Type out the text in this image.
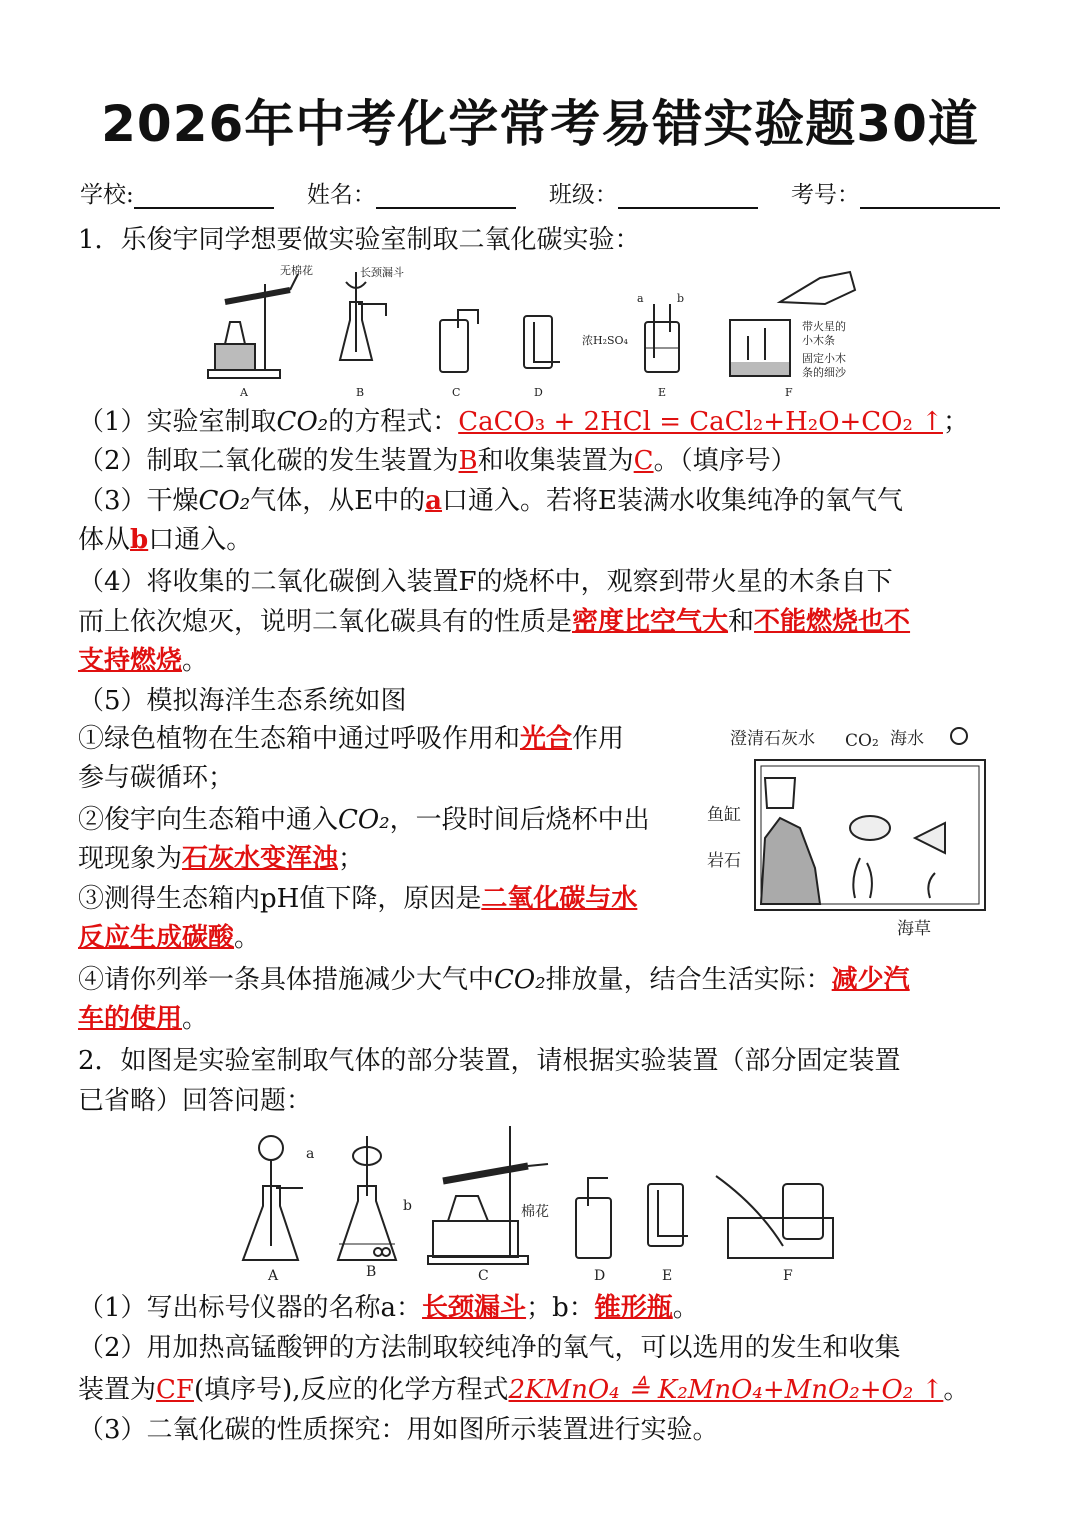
2026年中考化学常考易错实验题30道
学校:	姓名：	班级：	考号：
1．乐俊宇同学想要做实验室制取二氧化碳实验：
无棉花	长颈漏斗
a	b
浓H₂SO₄
带火星的
小木条
固定小木
条的细沙
A	B	C	D	E	F
（1）实验室制取CO₂的方程式：CaCO₃ + 2HCl = CaCl₂+H₂O+CO₂ ↑；
（2）制取二氧化碳的发生装置为B和收集装置为C。（填序号）
（3）干燥CO₂气体，从E中的a口通入。若将E装满水收集纯净的氧气气
体从b口通入。
（4）将收集的二氧化碳倒入装置F的烧杯中，观察到带火星的木条自下
而上依次熄灭，说明二氧化碳具有的性质是密度比空气大和不能燃烧也不
支持燃烧。
（5）模拟海洋生态系统如图
①绿色植物在生态箱中通过呼吸作用和光合作用
参与碳循环；
②俊宇向生态箱中通入CO₂，一段时间后烧杯中出
现现象为石灰水变浑浊；
③测得生态箱内pH值下降，原因是二氧化碳与水
反应生成碳酸。
④请你列举一条具体措施减少大气中CO₂排放量，结合生活实际：减少汽
车的使用。
澄清石灰水 CO₂ 海水
鱼缸
岩石
海草
2．如图是实验室制取气体的部分装置，请根据实验装置（部分固定装置
已省略）回答问题：
a
b	棉花
A	B	C	D	E	F
（1）写出标号仪器的名称a：长颈漏斗；b：锥形瓶。
（2）用加热高锰酸钾的方法制取较纯净的氧气，可以选用的发生和收集
装置为CF(填序号),反应的化学方程式2KMnO₄ ≜ K₂MnO₄+MnO₂+O₂ ↑。
（3）二氧化碳的性质探究：用如图所示装置进行实验。
